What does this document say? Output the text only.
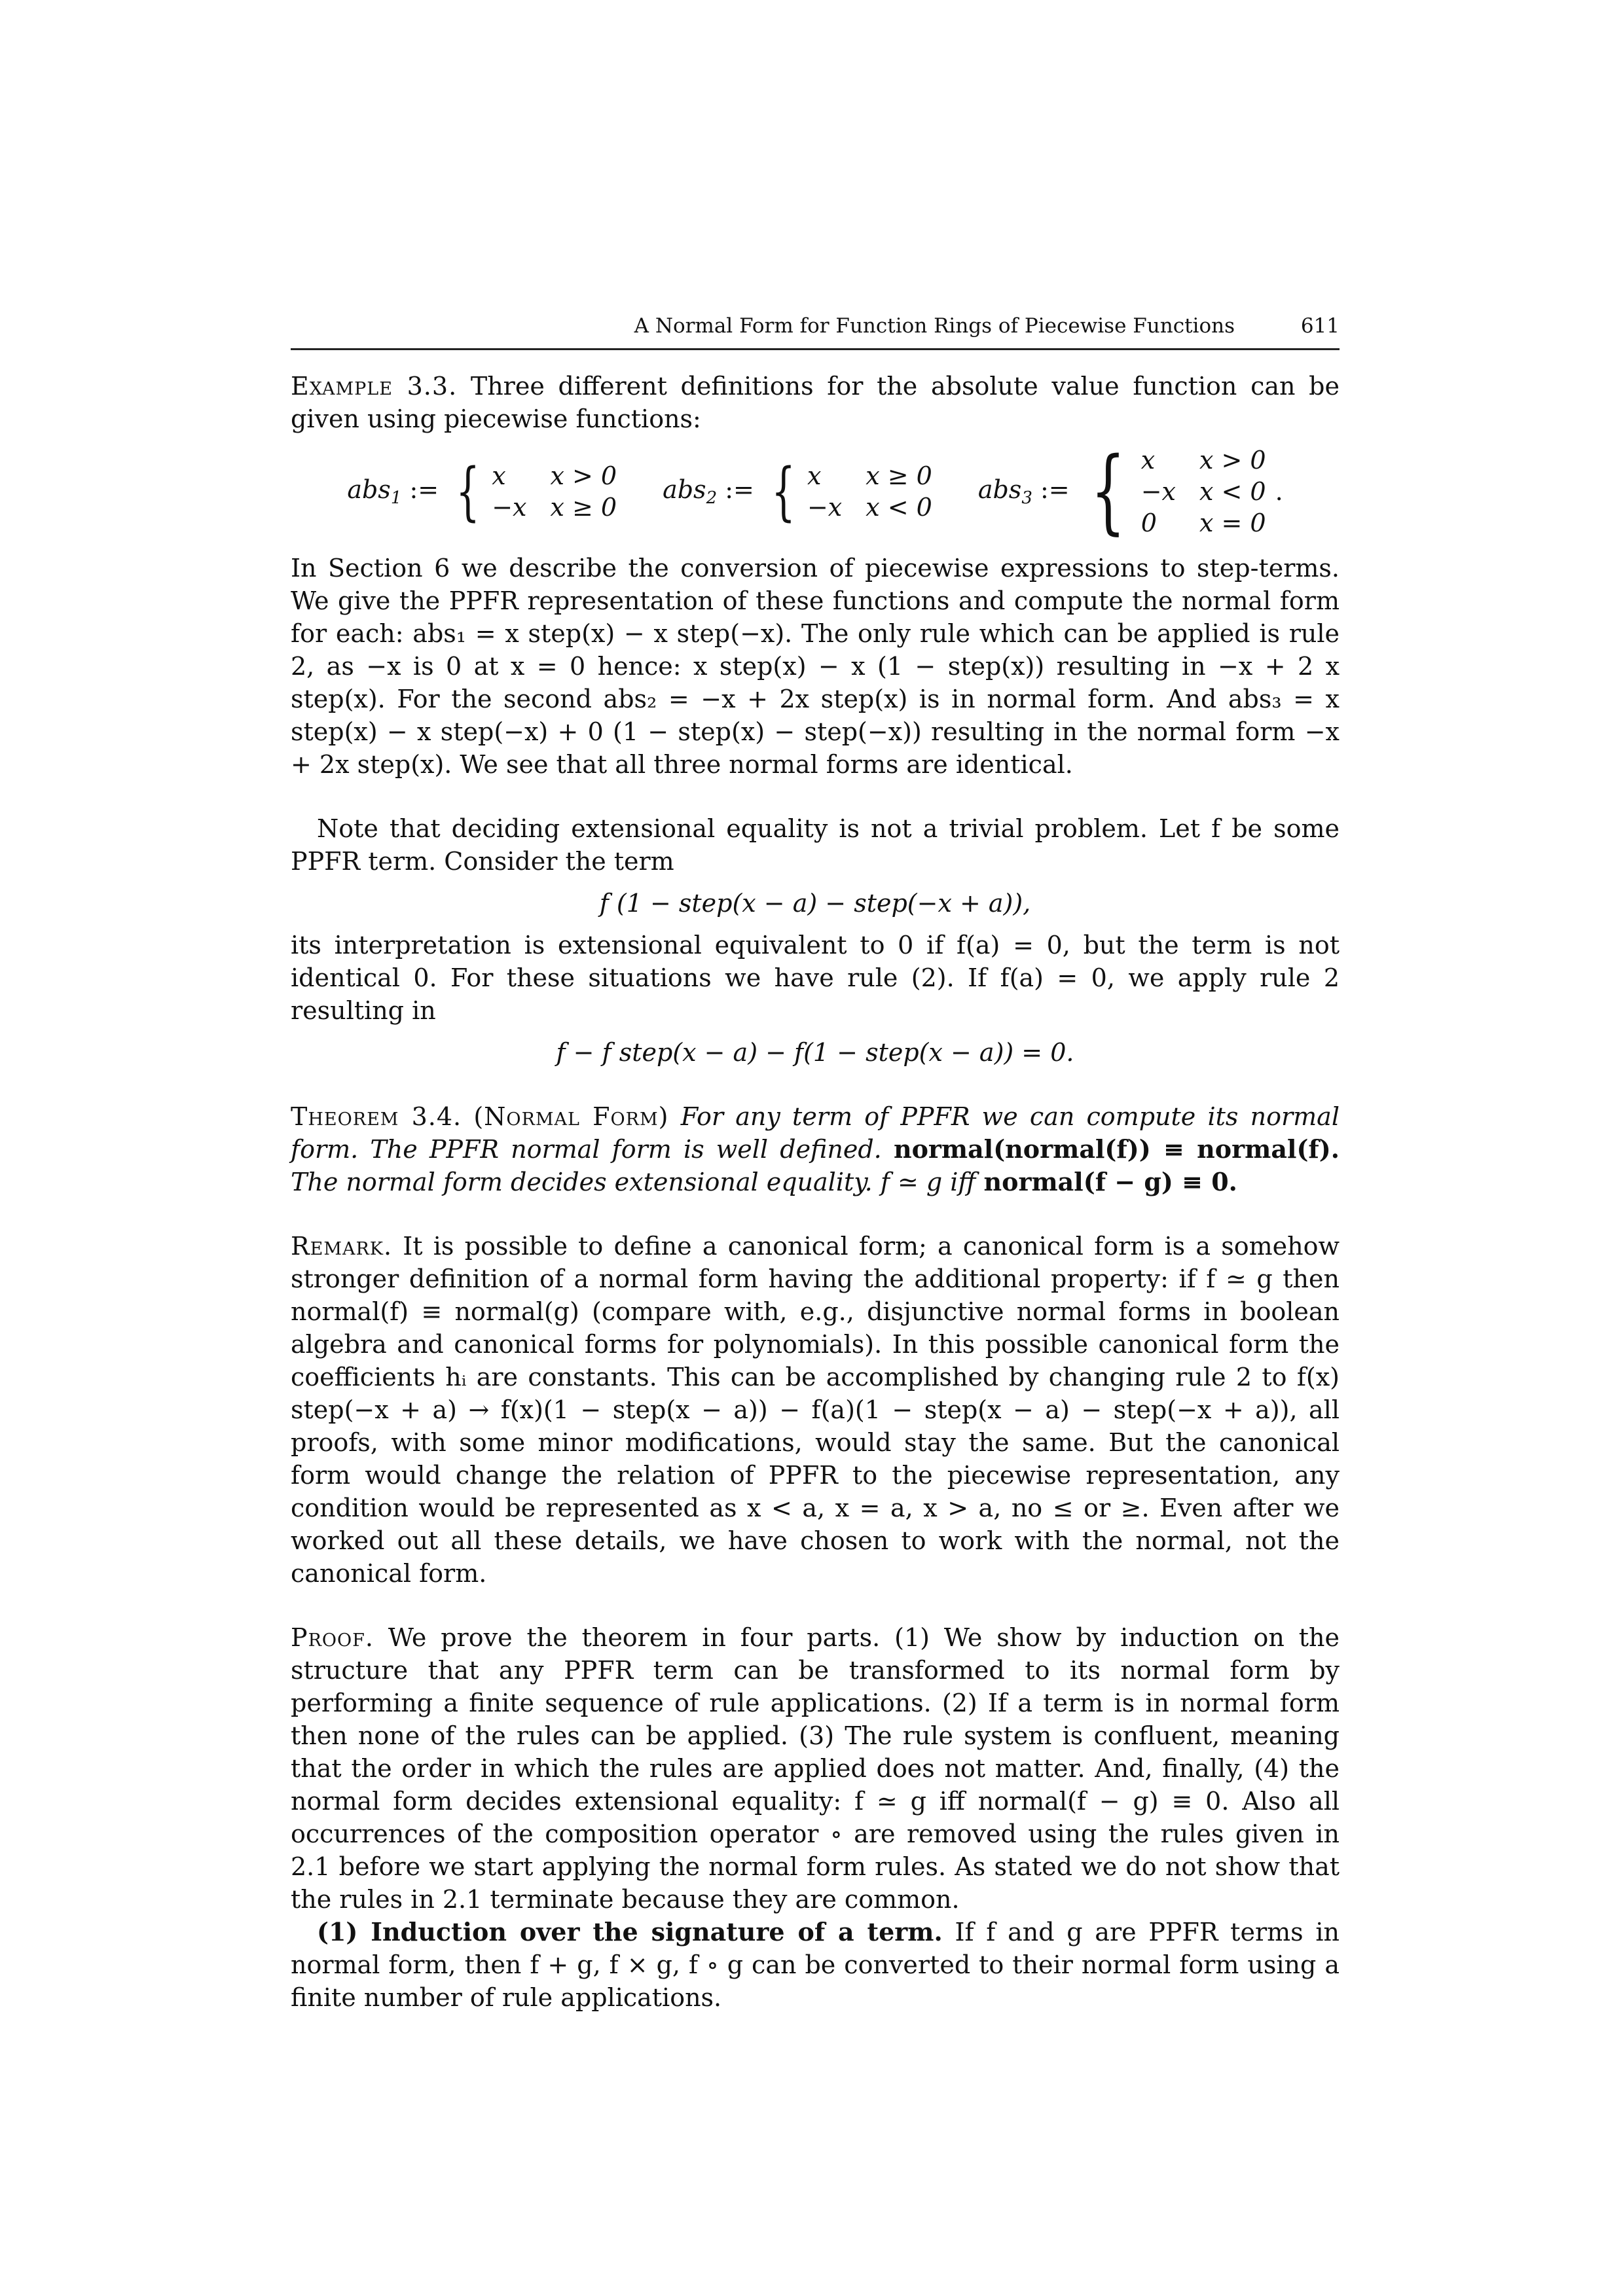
A Normal Form for Function Rings of Piecewise Functions	611

Example 3.3. Three different definitions for the absolute value function can be given using piecewise functions:

abs$_1$ := { x	x > 0
−x x ≥ 0
abs$_2$ := { x	x ≥ 0
−x x < 0
abs$_3$ := { x	x > 0
−x x < 0
0	x = 0
.

In Section 6 we describe the conversion of piecewise expressions to step-terms. We give the PPFR representation of these functions and compute the normal form for each: abs₁ = x step(x) − x step(−x). The only rule which can be applied is rule 2, as −x is 0 at x = 0 hence: x step(x) − x (1 − step(x)) resulting in −x + 2 x step(x). For the second abs₂ = −x + 2x step(x) is in normal form. And abs₃ = x step(x) − x step(−x) + 0 (1 − step(x) − step(−x)) resulting in the normal form −x + 2x step(x). We see that all three normal forms are identical.

Note that deciding extensional equality is not a trivial problem. Let f be some PPFR term. Consider the term

f (1 − step(x − a) − step(−x + a)),

its interpretation is extensional equivalent to 0 if f(a) = 0, but the term is not identical 0. For these situations we have rule (2). If f(a) = 0, we apply rule 2 resulting in

f − f step(x − a) − f(1 − step(x − a)) = 0.

Theorem 3.4. (Normal Form) For any term of PPFR we can compute its normal form. The PPFR normal form is well defined. normal(normal(f)) ≡ normal(f). The normal form decides extensional equality. f ≃ g iff normal(f − g) ≡ 0.

Remark. It is possible to define a canonical form; a canonical form is a somehow stronger definition of a normal form having the additional property: if f ≃ g then normal(f) ≡ normal(g) (compare with, e.g., disjunctive normal forms in boolean algebra and canonical forms for polynomials). In this possible canonical form the coefficients hᵢ are constants. This can be accomplished by changing rule 2 to f(x) step(−x + a) → f(x)(1 − step(x − a)) − f(a)(1 − step(x − a) − step(−x + a)), all proofs, with some minor modifications, would stay the same. But the canonical form would change the relation of PPFR to the piecewise representation, any condition would be represented as x < a, x = a, x > a, no ≤ or ≥. Even after we worked out all these details, we have chosen to work with the normal, not the canonical form.

Proof. We prove the theorem in four parts. (1) We show by induction on the structure that any PPFR term can be transformed to its normal form by performing a finite sequence of rule applications. (2) If a term is in normal form then none of the rules can be applied. (3) The rule system is confluent, meaning that the order in which the rules are applied does not matter. And, finally, (4) the normal form decides extensional equality: f ≃ g iff normal(f − g) ≡ 0. Also all occurrences of the composition operator ∘ are removed using the rules given in 2.1 before we start applying the normal form rules. As stated we do not show that the rules in 2.1 terminate because they are common.

(1) Induction over the signature of a term. If f and g are PPFR terms in normal form, then f + g, f × g, f ∘ g can be converted to their normal form using a finite number of rule applications.
